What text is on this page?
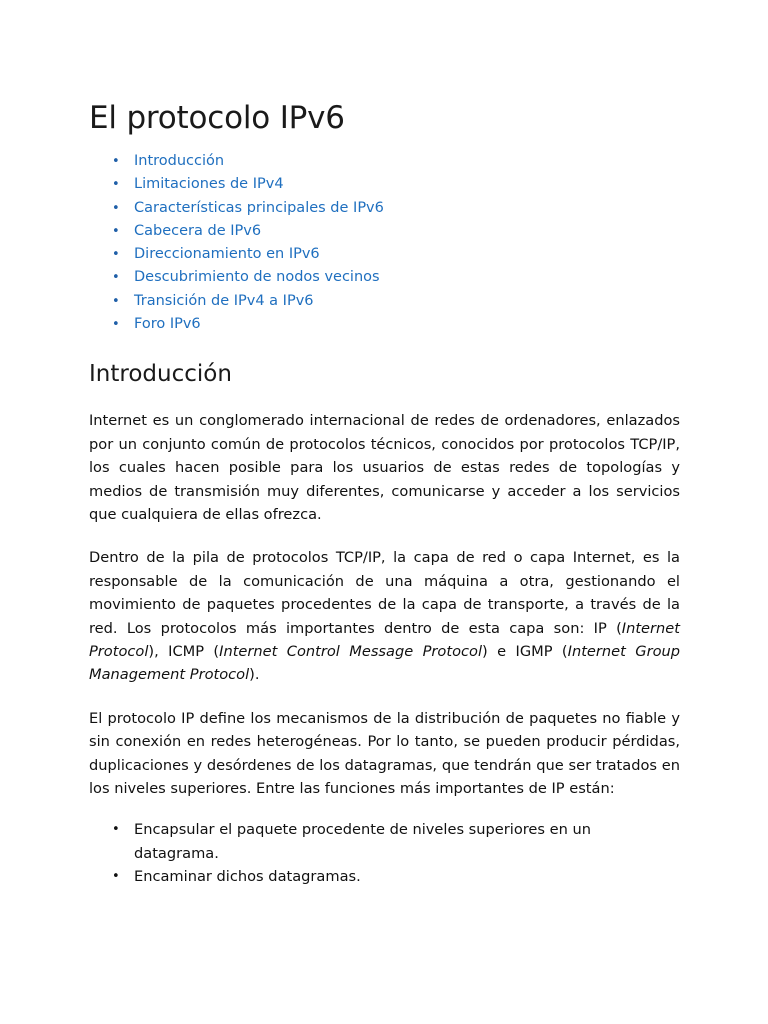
El protocolo IPv6
• Introducción
• Limitaciones de IPv4
• Características principales de IPv6
• Cabecera de IPv6
• Direccionamiento en IPv6
• Descubrimiento de nodos vecinos
• Transición de IPv4 a IPv6
• Foro IPv6
Introducción

Internet es un conglomerado internacional de redes de ordenadores, enlazados por un conjunto común de protocolos técnicos, conocidos por protocolos TCP/IP, los cuales hacen posible para los usuarios de estas redes de topologías y medios de transmisión muy diferentes, comunicarse y acceder a los servicios que cualquiera de ellas ofrezca.

Dentro de la pila de protocolos TCP/IP, la capa de red o capa Internet, es la responsable de la comunicación de una máquina a otra, gestionando el movimiento de paquetes procedentes de la capa de transporte, a través de la red. Los protocolos más importantes dentro de esta capa son: IP (Internet Protocol), ICMP (Internet Control Message Protocol) e IGMP (Internet Group Management Protocol).

El protocolo IP define los mecanismos de la distribución de paquetes no fiable y sin conexión en redes heterogéneas. Por lo tanto, se pueden producir pérdidas, duplicaciones y desórdenes de los datagramas, que tendrán que ser tratados en los niveles superiores. Entre las funciones más importantes de IP están:

• Encapsular el paquete procedente de niveles superiores en un datagrama.
• Encaminar dichos datagramas.
